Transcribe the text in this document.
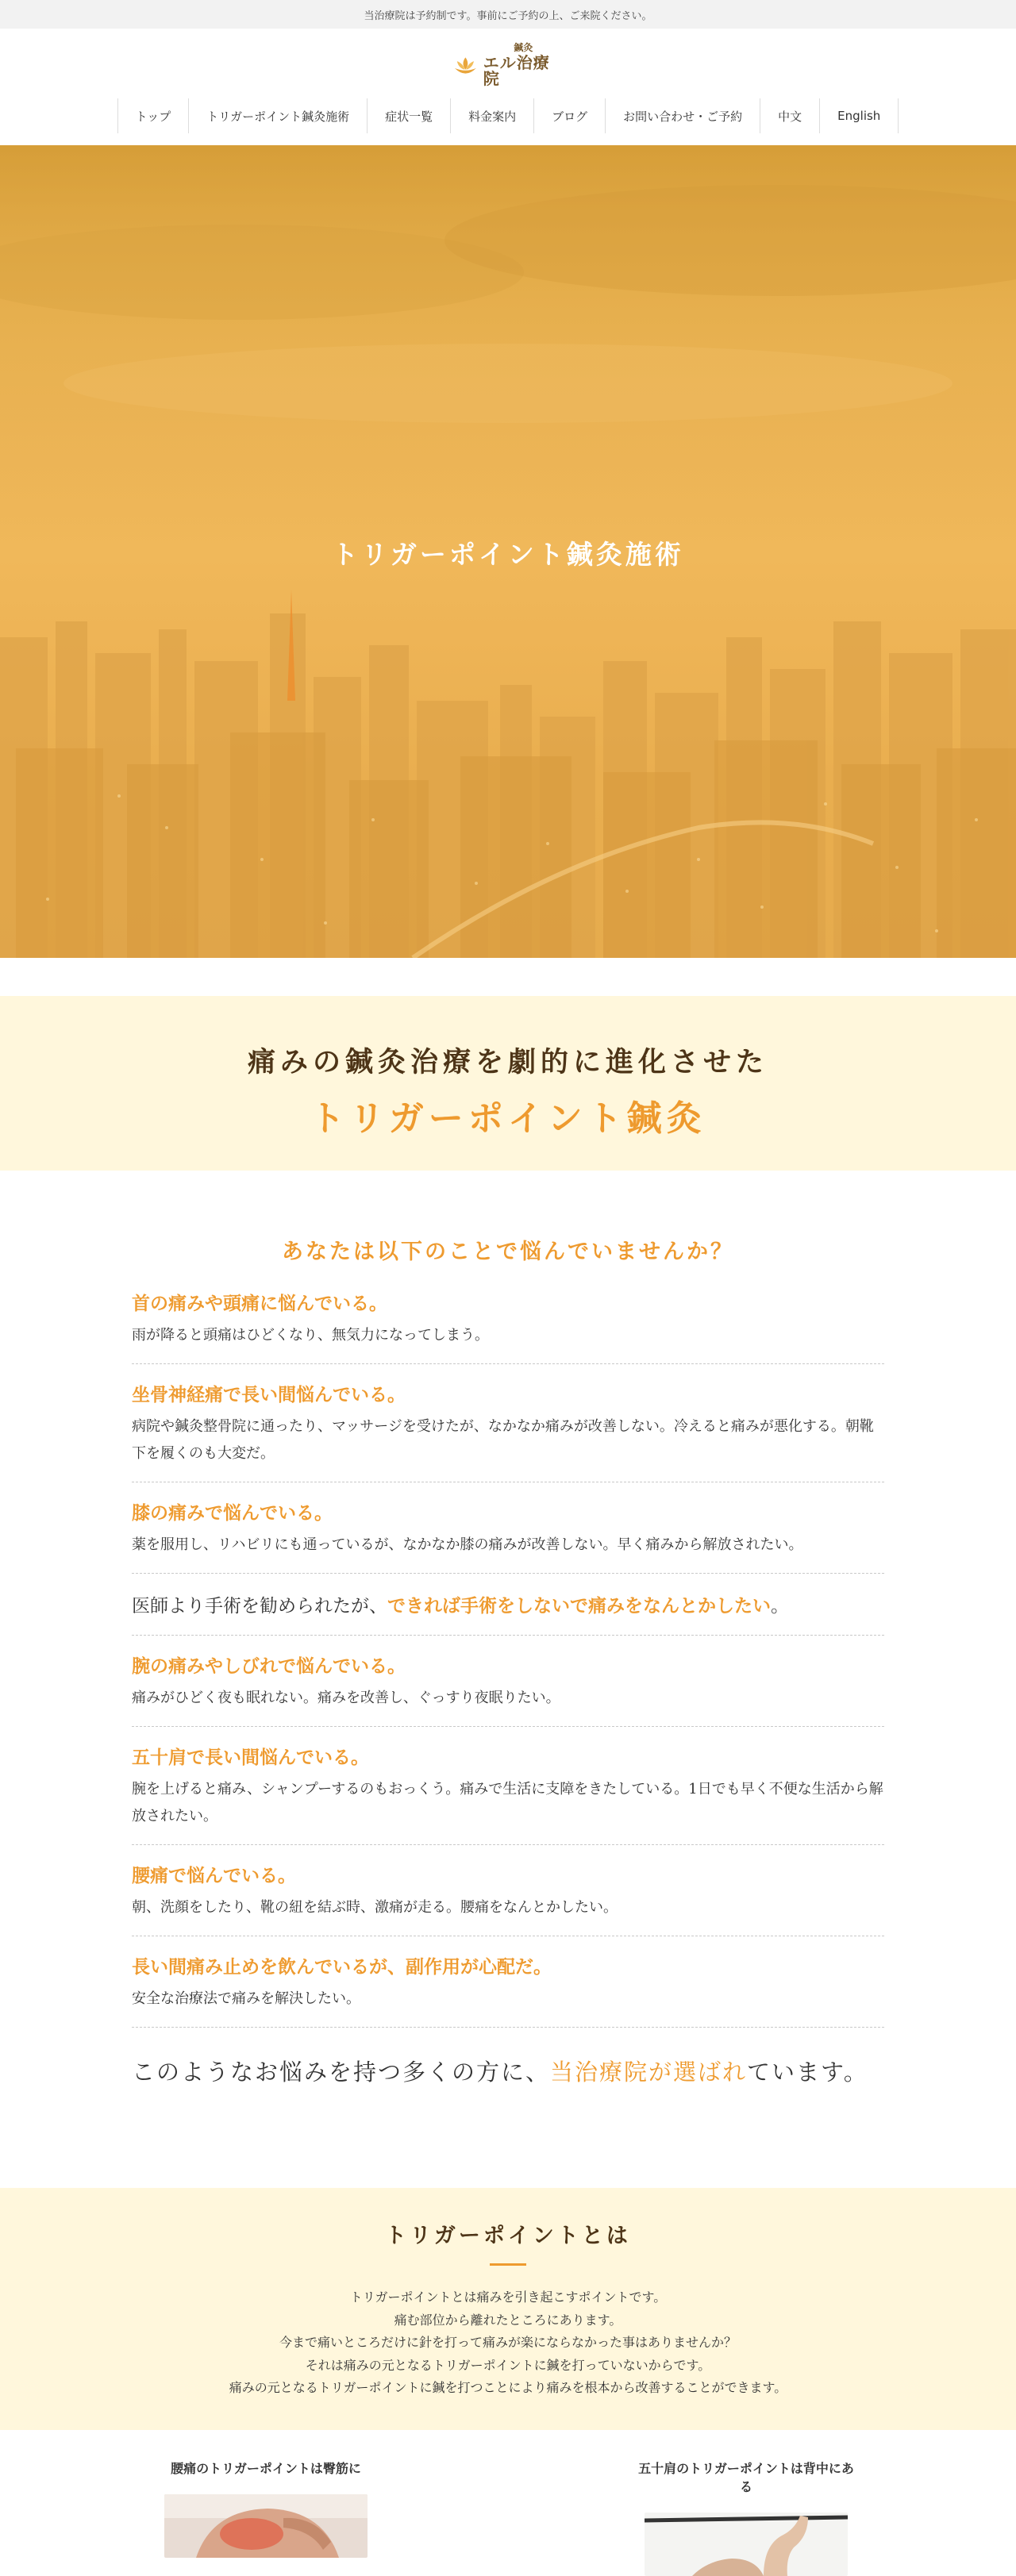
当治療院は予約制です。事前にご予約の上、ご来院ください。
鍼灸
エル治療院
トップ	トリガーポイント鍼灸施術	症状一覧	料金案内	ブログ	お問い合わせ・ご予約	中文	English
トリガーポイント鍼灸施術
痛みの鍼灸治療を劇的に進化させた
トリガーポイント鍼灸
あなたは以下のことで悩んでいませんか？
首の痛みや頭痛に悩んでいる。
雨が降ると頭痛はひどくなり、無気力になってしまう。
坐骨神経痛で長い間悩んでいる。
病院や鍼灸整骨院に通ったり、マッサージを受けたが、なかなか痛みが改善しない。冷えると痛みが悪化する。朝靴下を履くのも大変だ。
膝の痛みで悩んでいる。
薬を服用し、リハビリにも通っているが、なかなか膝の痛みが改善しない。早く痛みから解放されたい。
医師より手術を勧められたが、できれば手術をしないで痛みをなんとかしたい。
腕の痛みやしびれで悩んでいる。
痛みがひどく夜も眠れない。痛みを改善し、ぐっすり夜眠りたい。
五十肩で長い間悩んでいる。
腕を上げると痛み、シャンプーするのもおっくう。痛みで生活に支障をきたしている。1日でも早く不便な生活から解放されたい。
腰痛で悩んでいる。
朝、洗顔をしたり、靴の紐を結ぶ時、激痛が走る。腰痛をなんとかしたい。
長い間痛み止めを飲んでいるが、副作用が心配だ。
安全な治療法で痛みを解決したい。

このようなお悩みを持つ多くの方に、当治療院が選ばれています。

トリガーポイントとは

トリガーポイントとは痛みを引き起こすポイントです。

痛む部位から離れたところにあります。

今まで痛いところだけに針を打って痛みが楽にならなかった事はありませんか？

それは痛みの元となるトリガーポイントに鍼を打っていないからです。

痛みの元となるトリガーポイントに鍼を打つことにより痛みを根本から改善することができます。

腰痛のトリガーポイントは臀筋に	五十肩のトリガーポイントは背中にある
